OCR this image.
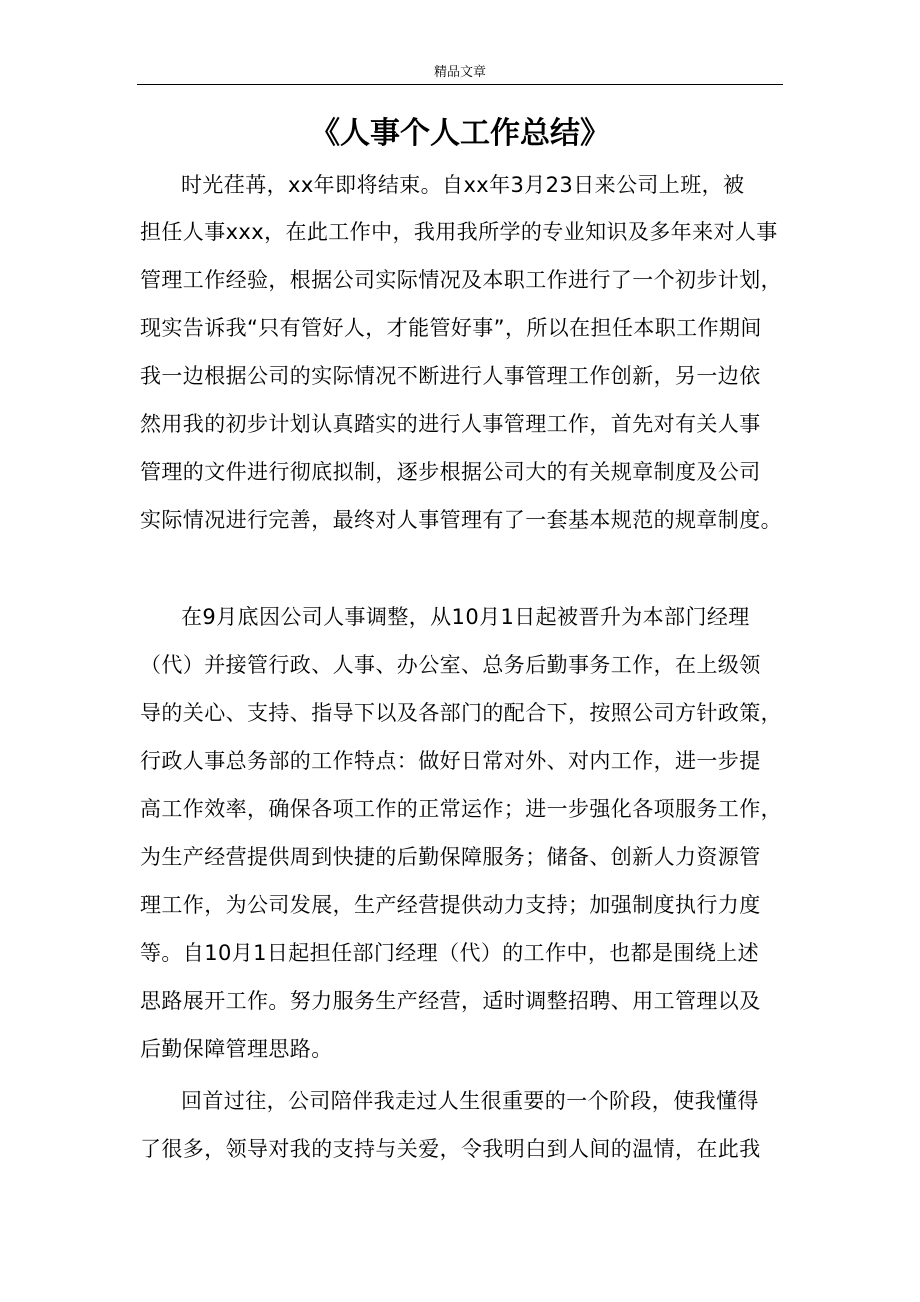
精品文章
《人事个人工作总结》
时光荏苒，xx年即将结束。自xx年3月23日来公司上班，被
担任人事xxx，在此工作中，我用我所学的专业知识及多年来对人事
管理工作经验，根据公司实际情况及本职工作进行了一个初步计划，
现实告诉我“只有管好人，才能管好事”，所以在担任本职工作期间
我一边根据公司的实际情况不断进行人事管理工作创新，另一边依
然用我的初步计划认真踏实的进行人事管理工作，首先对有关人事
管理的文件进行彻底拟制，逐步根据公司大的有关规章制度及公司
实际情况进行完善，最终对人事管理有了一套基本规范的规章制度。
在9月底因公司人事调整，从10月1日起被晋升为本部门经理
（代）并接管行政、人事、办公室、总务后勤事务工作，在上级领
导的关心、支持、指导下以及各部门的配合下，按照公司方针政策，
行政人事总务部的工作特点：做好日常对外、对内工作，进一步提
高工作效率，确保各项工作的正常运作；进一步强化各项服务工作，
为生产经营提供周到快捷的后勤保障服务；储备、创新人力资源管
理工作，为公司发展，生产经营提供动力支持；加强制度执行力度
等。自10月1日起担任部门经理（代）的工作中，也都是围绕上述
思路展开工作。努力服务生产经营，适时调整招聘、用工管理以及
后勤保障管理思路。
回首过往，公司陪伴我走过人生很重要的一个阶段，使我懂得
了很多，领导对我的支持与关爱，令我明白到人间的温情，在此我
